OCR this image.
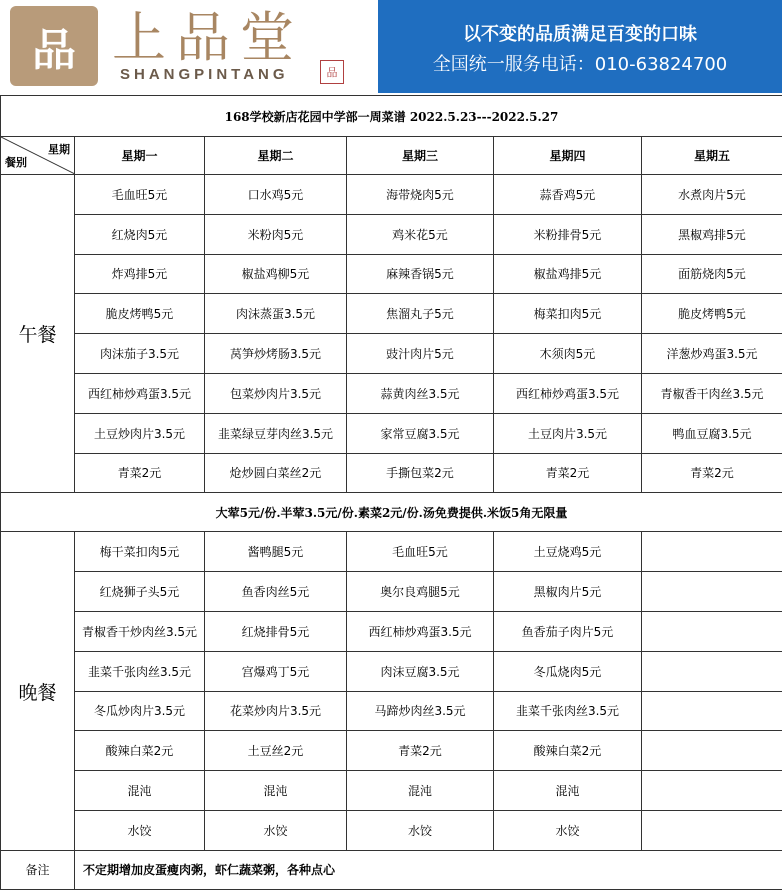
品 上品堂
SHANGPINTANG	品
以不变的品质满足百变的口味
全国统一服务电话：010-63824700
168学校新店花园中学部一周菜谱 2022.5.23---2022.5.27					

星期
餐别	星期一	星期二	星期三	星期四	星期五
午餐	毛血旺5元	口水鸡5元	海带烧肉5元	蒜香鸡5元	水煮肉片5元
	红烧肉5元	米粉肉5元	鸡米花5元	米粉排骨5元	黑椒鸡排5元
	炸鸡排5元	椒盐鸡柳5元	麻辣香锅5元	椒盐鸡排5元	面筋烧肉5元
	脆皮烤鸭5元	肉沫蒸蛋3.5元	焦溜丸子5元	梅菜扣肉5元	脆皮烤鸭5元
	肉沫茄子3.5元	莴笋炒烤肠3.5元	豉汁肉片5元	木须肉5元	洋葱炒鸡蛋3.5元
	西红柿炒鸡蛋3.5元	包菜炒肉片3.5元	蒜黄肉丝3.5元	西红柿炒鸡蛋3.5元	青椒香干肉丝3.5元
	土豆炒肉片3.5元	韭菜绿豆芽肉丝3.5元	家常豆腐3.5元	土豆肉片3.5元	鸭血豆腐3.5元
	青菜2元	炝炒圆白菜丝2元	手撕包菜2元	青菜2元	青菜2元
大荤5元/份.半荤3.5元/份.素菜2元/份.汤免费提供.米饭5角无限量					
晚餐	梅干菜扣肉5元	酱鸭腿5元	毛血旺5元	土豆烧鸡5元	
	红烧狮子头5元	鱼香肉丝5元	奥尔良鸡腿5元	黑椒肉片5元	
	青椒香干炒肉丝3.5元	红烧排骨5元	西红柿炒鸡蛋3.5元	鱼香茄子肉片5元	
	韭菜千张肉丝3.5元	宫爆鸡丁5元	肉沫豆腐3.5元	冬瓜烧肉5元	
	冬瓜炒肉片3.5元	花菜炒肉片3.5元	马蹄炒肉丝3.5元	韭菜千张肉丝3.5元	
	酸辣白菜2元	土豆丝2元	青菜2元	酸辣白菜2元	
	混沌	混沌	混沌	混沌	
	水饺	水饺	水饺	水饺	
备注	不定期增加皮蛋瘦肉粥，虾仁蔬菜粥，各种点心				
